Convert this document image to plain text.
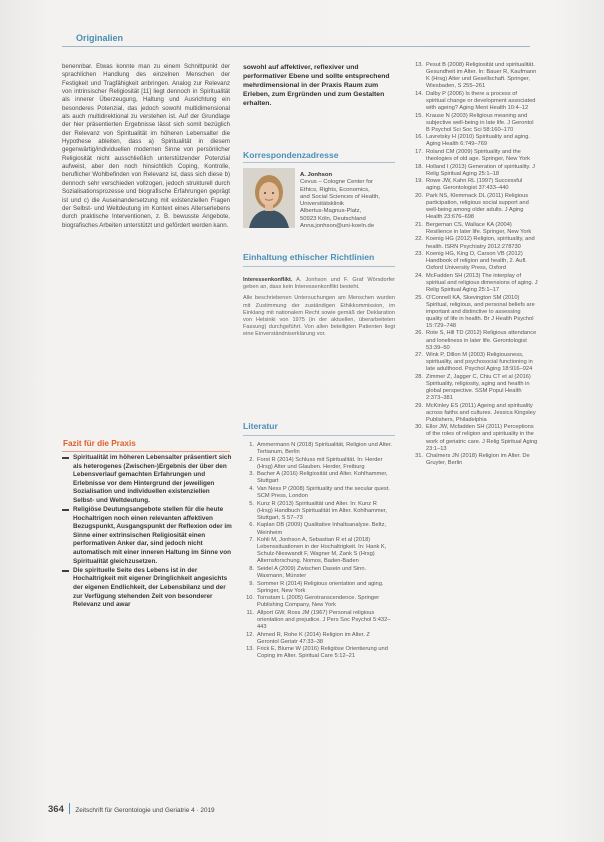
Originalien

benennbar. Etwas konnte man zu einem Schnittpunkt der sprachlichen Handlung des einzelnen Menschen der Festigkeit und Tragfähigkeit anbringen. Analog zur Relevanz von intrinsischer Religiosität [11] liegt dennoch in Spiritualität als innerer Überzeugung, Haltung und Ausrichtung ein besonderes Potenzial, das jedoch sowohl multidimensional als auch multidirektional zu verstehen ist. Auf der Grundlage der hier präsentierten Ergebnisse lässt sich somit bezüglich der Relevanz von Spiritualität im höheren Lebensalter die Hypothese ableiten, dass a) Spiritualität in diesem gegenwärtig/individuellen modernen Sinne von persönlicher Religiosität nicht ausschließlich unterstützender Potenzial aufweist, aber den noch hinsichtlich Coping, Kontrolle, beruflicher Wohlbefinden von Relevanz ist, dass sich diese b) dennoch sehr verschieden vollzogen, jedoch strukturell durch Sozialisationsprozesse und biografische Erfahrungen geprägt ist und c) die Auseinandersetzung mit existenziellen Fragen der Selbst- und Weltdeutung im Kontext eines Alterserlebens durch praktische Interventionen, z. B. bewusste Angebote, biografisches Arbeiten unterstützt und gefördert werden kann.

Fazit für die Praxis
Spiritualität im höheren Lebensalter präsentiert sich als heterogenes (Zwischen-)Ergebnis der über den Lebensverlauf gemachten Erfahrungen und Erlebnisse vor dem Hintergrund der jeweiligen Sozialisation und individuellen existenziellen Selbst- und Weltdeutung.
Religiöse Deutungsangebote stellen für die heute Hochaltrigen noch einen relevanten affektiven Bezugspunkt, Ausgangspunkt der Reflexion oder im Sinne einer extrinsischen Religiosität einen performativen Anker dar, sind jedoch nicht automatisch mit einer inneren Haltung im Sinne von Spiritualität gleichzusetzen.
Die spirituelle Seite des Lebens ist in der Hochaltrigkeit mit eigener Dringlichkeit angesichts der eigenen Endlichkeit, der Lebensbilanz und der zur Verfügung stehenden Zeit von besonderer Relevanz und awar
sowohl auf affektiver, reflexiver und performativer Ebene und sollte entsprechend mehrdimensional in der Praxis Raum zum Erleben, zum Ergründen und zum Gestalten erhalten.
Korrespondenzadresse
A. Jonhson
Cevus – Cologne Center for
Ethics, Rights, Economics,
and Social Sciences of Health,
Universitätsklinik
Albertus-Magnus-Platz,
50923 Köln, Deutschland
Anna.jonhson@uni-koeln.de
Einhaltung ethischer Richtlinien

Interessenkonflikt. A. Jonhson und F. Graf Wörsdorfer geben an, dass kein Interessenkonflikt besteht.

Alle beschriebenen Untersuchungen am Menschen wurden mit Zustimmung der zuständigen Ethikkommission, im Einklang mit nationalem Recht sowie gemäß der Deklaration von Helsinki von 1975 (in der aktuellen, überarbeiteten Fassung) durchgeführt. Von allen beteiligten Patienten liegt eine Einverständniserklärung vor.

Literatur
1. Ammermann N (2018) Spiritualität, Religion und Alter. Tertianum, Berlin
2. Forst R (2014) Schluss mit Spiritualität. In: Herder (Hrsg) Alter und Glauben. Herder, Freiburg
3. Bacher A (2016) Religiosität und Alter. Kohlhammer, Stuttgart
4. Van Ness P (2008) Spirituality and the secular quest. SCM Press, London
5. Kunz R (2013) Spiritualität und Alter. In: Kunz R (Hrsg) Handbuch Spiritualität im Alter. Kohlhammer, Stuttgart, S 57–73
6. Kaplan DB (2009) Qualitative Inhaltsanalyse. Beltz, Weinheim
7. Kohli M, Jonhson A, Sebastian R et al (2018) Lebenssituationen in der Hochaltrigkeit. In: Hank K, Schulz-Nieswandt F, Wagner M, Zank S (Hrsg) Alternsforschung. Nomos, Baden-Baden
8. Seidel A (2009) Zwischen Dasein und Sinn. Waxmann, Münster
9. Sommer R (2014) Religious orientation and aging. Springer, New York
10. Tornstam L (2005) Gerotranscendence. Springer Publishing Company, New York
11. Allport GW, Ross JM (1967) Personal religious orientation and prejudice. J Pers Soc Psychol 5:432–443
12. Ahmed R, Rohe K (2014) Religion im Alter. Z Gerontol Geriatr 47:33–38
13. Frick E, Blume W (2016) Religiöse Orientierung und Coping im Alter. Spiritual Care 5:12–21
13. Pesut B (2008) Religiosität und spiritualität. Gesundheit im Alter. In: Bauer R, Kaufmann K (Hrsg) Alter und Gesellschaft. Springer, Wiesbaden, S 255–261
14. Dalby P (2006) Is there a process of spiritual change or development associated with ageing? Aging Ment Health 10:4–12
15. Krause N (2003) Religious meaning and subjective well-being in late life. J Gerontol B Psychol Sci Soc Sci 58:160–170
16. Lavretsky H (2010) Spirituality and aging. Aging Health 6:749–769
17. Roland CM (2009) Spirituality and the theologies of old age. Springer, New York
18. Holland I (2013) Generation of spirituality. J Relig Spiritual Aging 25:1–18
19. Rowe JW, Kahn RL (1997) Successful aging. Gerontologist 37:433–440
20. Park NS, Klemmack DL (2011) Religious participation, religious social support and well-being among older adults. J Aging Health 23:676–698
21. Bergeman CS, Wallace KA (2004) Resilience in later life. Springer, New York
22. Koenig HG (2012) Religion, spirituality, and health. ISRN Psychiatry 2012:278730
23. Koenig HG, King D, Carson VB (2012) Handbook of religion and health, 2. Aufl. Oxford University Press, Oxford
24. McFadden SH (2013) The interplay of spiritual and religious dimensions of aging. J Relig Spiritual Aging 25:1–17
25. O'Connell KA, Skevington SM (2010) Spiritual, religious, and personal beliefs are important and distinctive to assessing quality of life in health. Br J Health Psychol 15:729–748
26. Rote S, Hill TD (2012) Religious attendance and loneliness in later life. Gerontologist 53:39–50
27. Wink P, Dillon M (2003) Religiousness, spirituality, and psychosocial functioning in late adulthood. Psychol Aging 18:916–924
28. Zimmer Z, Jagger C, Chiu CT et al (2016) Spirituality, religiosity, aging and health in global perspective. SSM Popul Health 2:373–381
29. McKinley ES (2011) Ageing and spirituality across faiths and cultures. Jessica Kingsley Publishers, Philadelphia
30. Ellor JW, Mcfadden SH (2011) Perceptions of the roles of religion and spirituality in the work of geriatric care. J Relig Spiritual Aging 23:1–13
31. Chalmers JN (2018) Religion im Alter. De Gruyter, Berlin
364 Zeitschrift für Gerontologie und Geriatrie 4 · 2019
